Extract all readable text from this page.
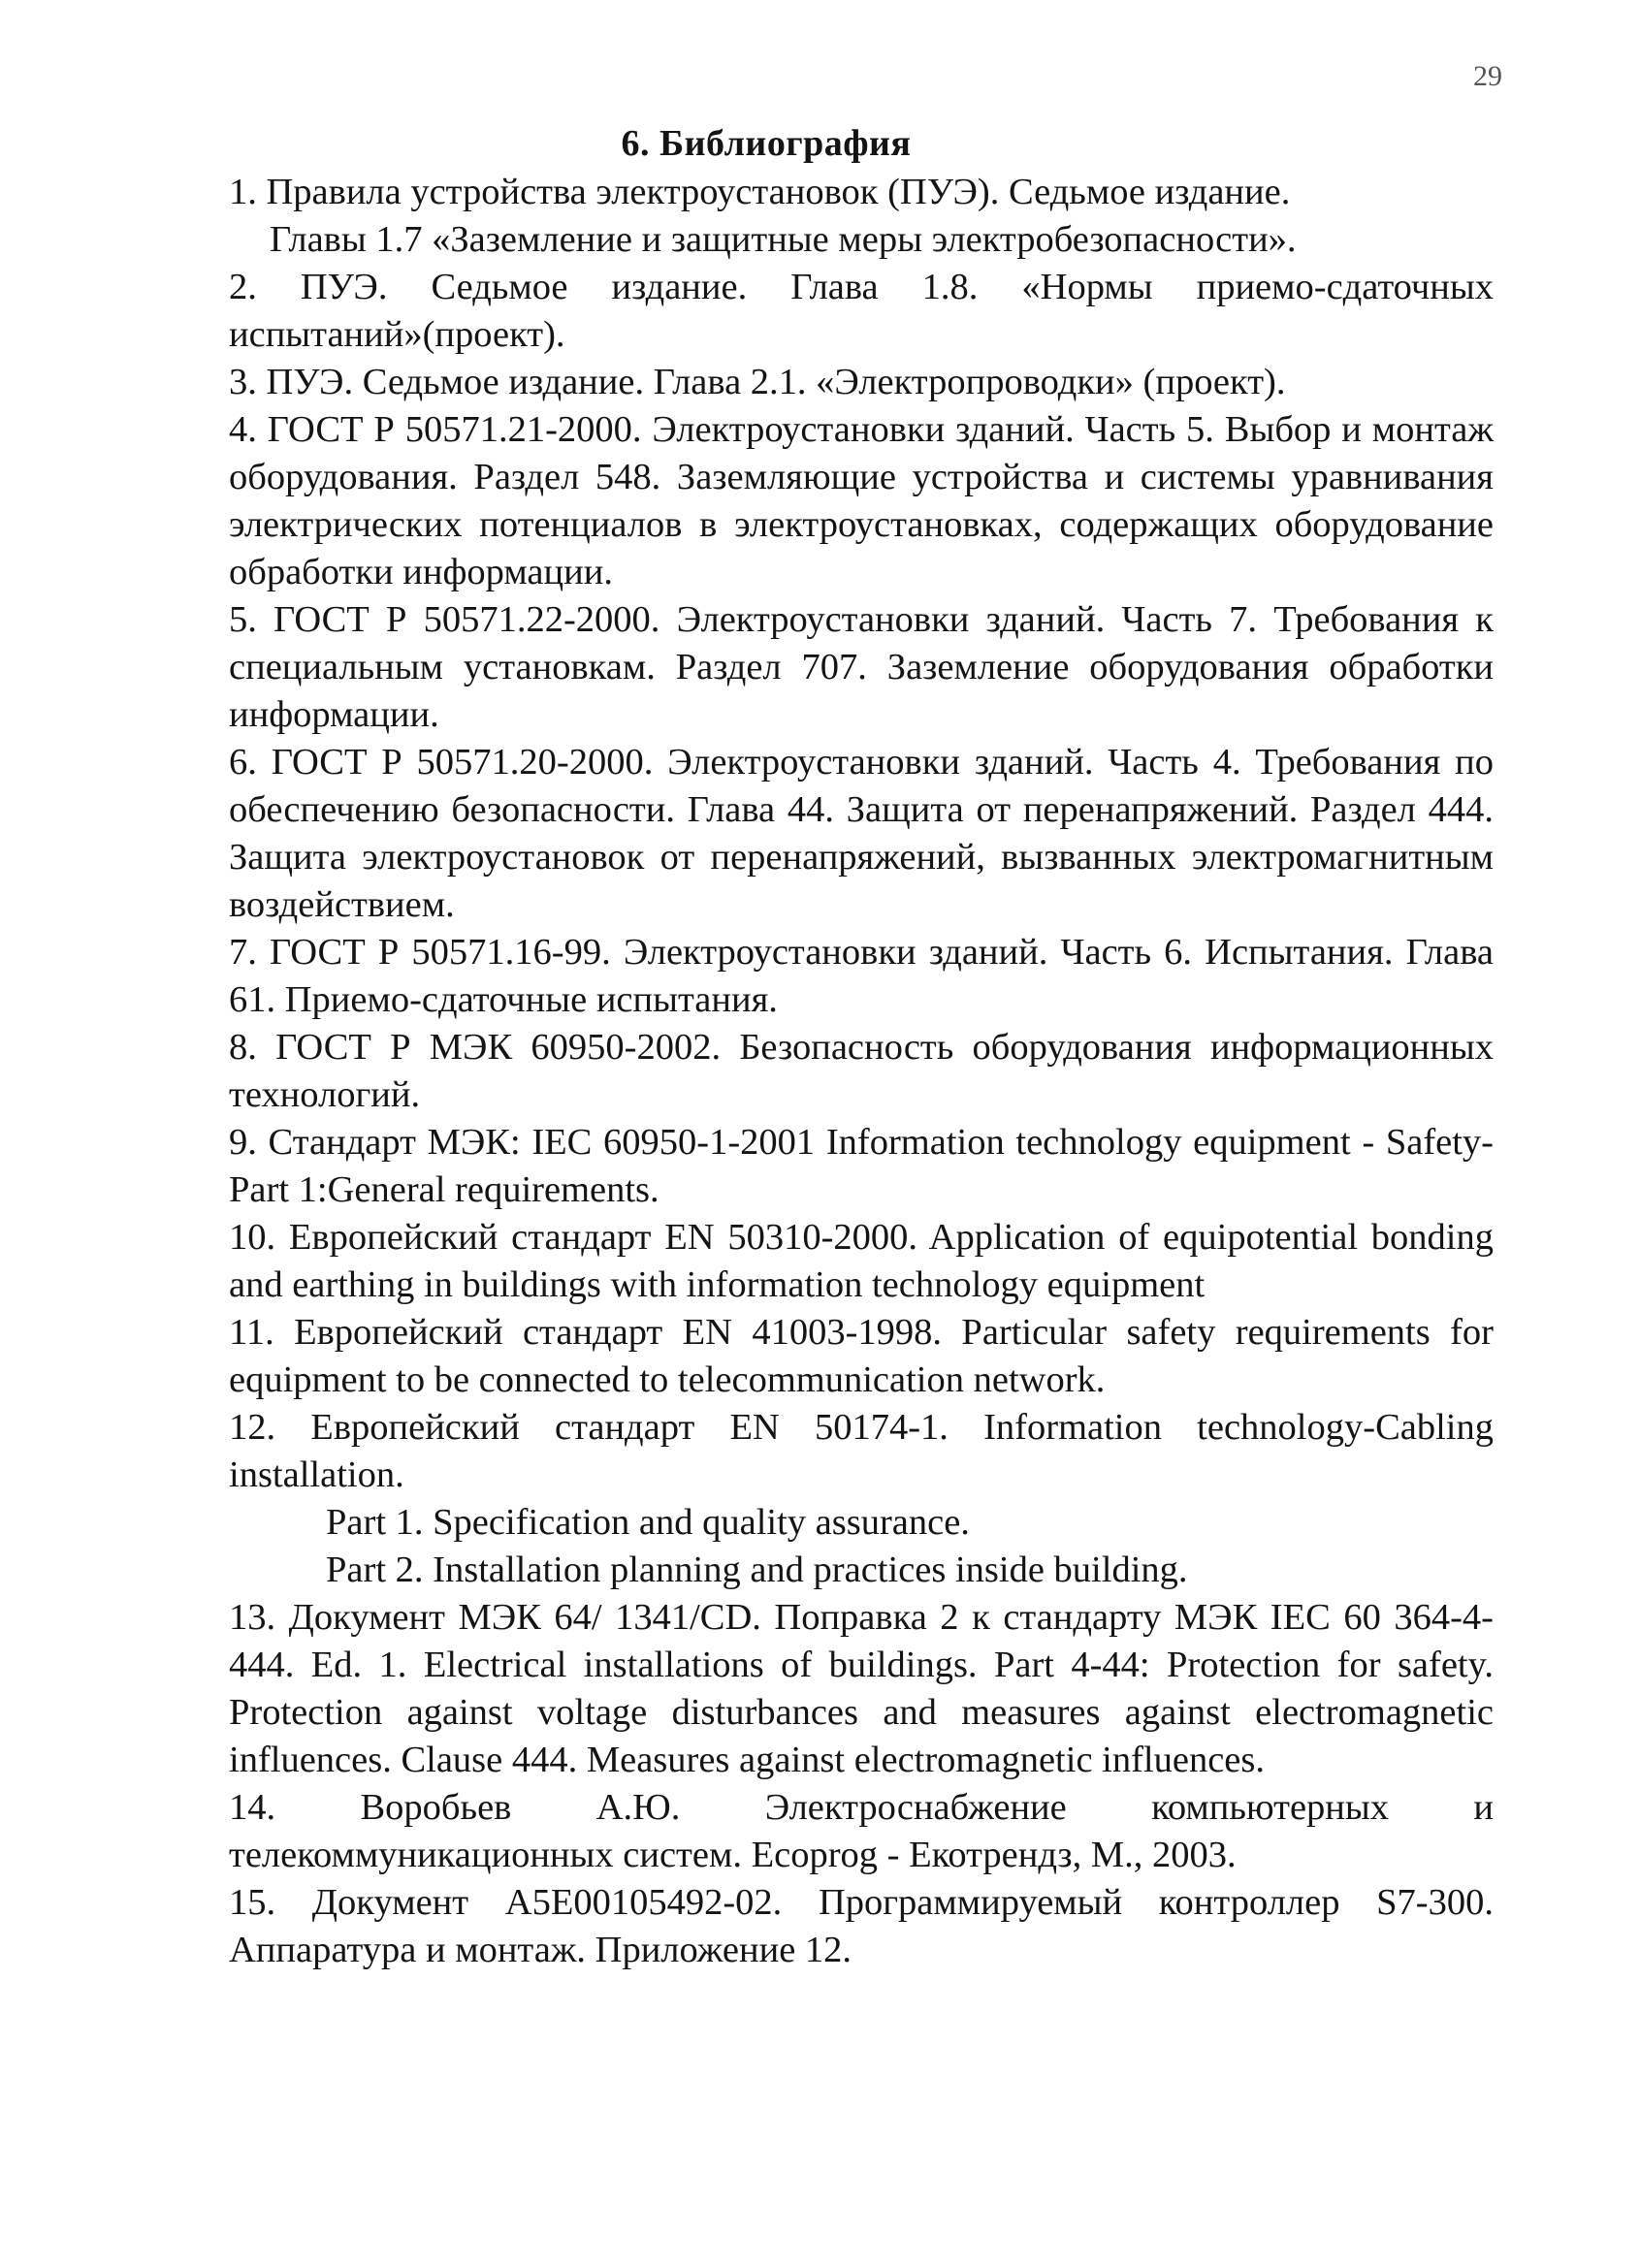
29
6. Библиография

1. Правила устройства электроустановок (ПУЭ). Седьмое издание.
Главы 1.7 «Заземление и защитные меры электробезопасности».

2. ПУЭ. Седьмое издание. Глава 1.8. «Нормы приемо-сдаточных испытаний»(проект).

3. ПУЭ. Седьмое издание. Глава 2.1. «Электропроводки» (проект).

4. ГОСТ Р 50571.21-2000. Электроустановки зданий. Часть 5. Выбор и монтаж оборудования. Раздел 548. Заземляющие устройства и системы уравнивания электрических потенциалов в электроустановках, содержащих оборудование обработки информации.

5. ГОСТ Р 50571.22-2000. Электроустановки зданий. Часть 7. Требования к специальным установкам. Раздел 707. Заземление оборудования обработки информации.

6. ГОСТ Р 50571.20-2000. Электроустановки зданий. Часть 4. Требования по обеспечению безопасности. Глава 44. Защита от перенапряжений. Раздел 444. Защита электроустановок от перенапряжений, вызванных электромагнитным воздействием.

7. ГОСТ Р 50571.16-99. Электроустановки зданий. Часть 6. Испытания. Глава 61. Приемо-сдаточные испытания.

8. ГОСТ Р МЭК 60950-2002. Безопасность оборудования информационных технологий.

9. Стандарт МЭК: IEC 60950-1-2001 Information technology equipment - Safety-Part 1:General requirements.

10. Европейский стандарт EN 50310-2000. Application of equipotential bonding and earthing in buildings with information technology equipment

11. Европейский стандарт EN 41003-1998. Particular safety requirements for equipment to be connected to telecommunication network.

12. Европейский стандарт EN 50174-1. Information technology-Cabling installation.

Part 1. Specification and quality assurance.

Part 2. Installation planning and practices inside building.

13. Документ МЭК 64/ 1341/CD. Поправка 2 к стандарту МЭК IEC 60 364-4-444. Ed. 1. Electrical installations of buildings. Part 4-44: Protection for safety. Protection against voltage disturbances and measures against electromagnetic influences. Clause 444. Measures against electromagnetic influences.

14. Воробьев А.Ю. Электроснабжение компьютерных и телекоммуникационных систем. Ecoprog - Екотрендз, М., 2003.

15. Документ A5E00105492-02. Программируемый контроллер S7-300. Аппаратура и монтаж. Приложение 12.
